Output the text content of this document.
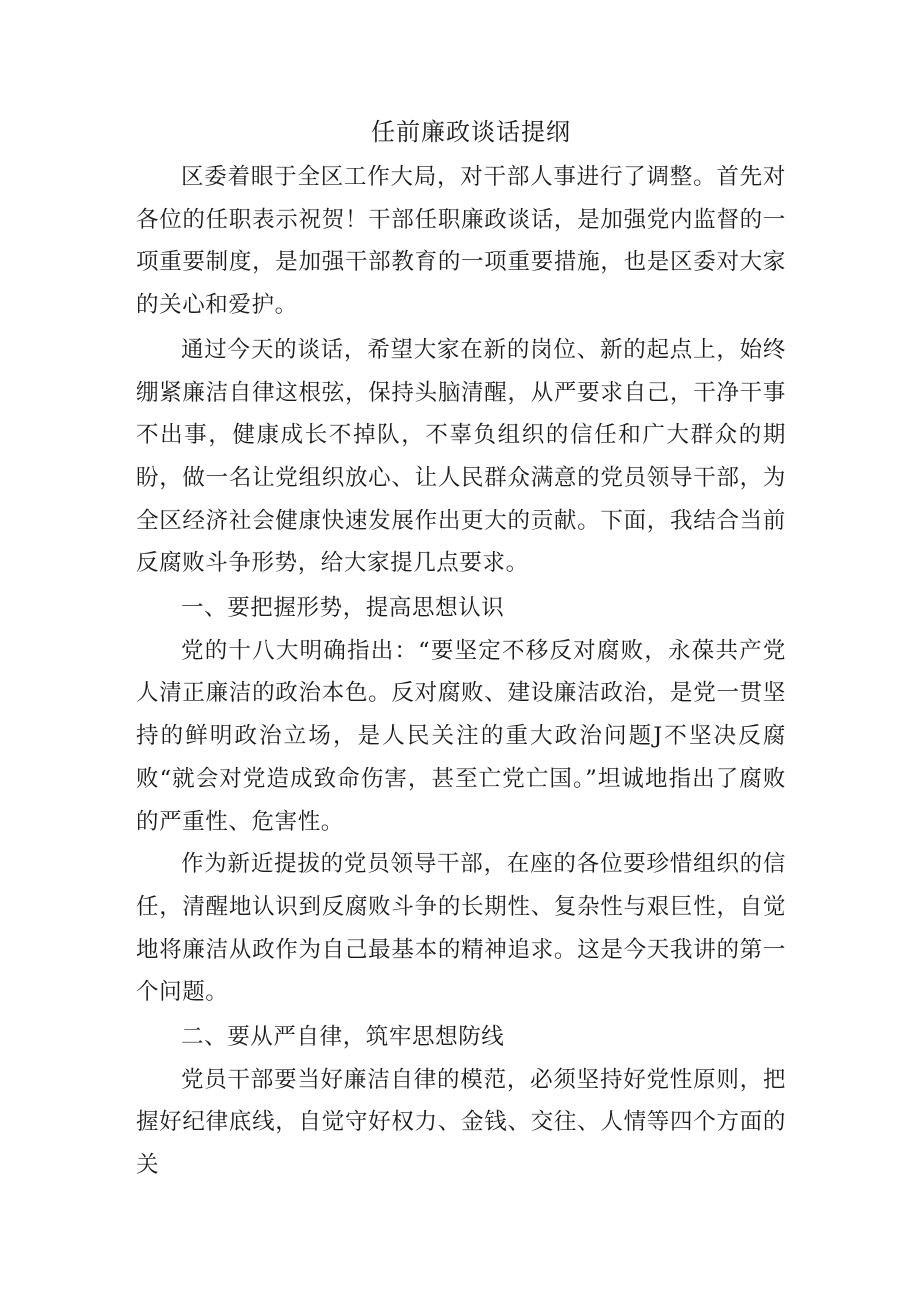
任前廉政谈话提纲

区委着眼于全区工作大局，对干部人事进行了调整。首先对各位的任职表示祝贺！干部任职廉政谈话，是加强党内监督的一项重要制度，是加强干部教育的一项重要措施，也是区委对大家的关心和爱护。

通过今天的谈话，希望大家在新的岗位、新的起点上，始终绷紧廉洁自律这根弦，保持头脑清醒，从严要求自己，干净干事不出事，健康成长不掉队，不辜负组织的信任和广大群众的期盼，做一名让党组织放心、让人民群众满意的党员领导干部，为全区经济社会健康快速发展作出更大的贡献。下面，我结合当前反腐败斗争形势，给大家提几点要求。

一、要把握形势，提高思想认识

党的十八大明确指出：“要坚定不移反对腐败，永葆共产党人清正廉洁的政治本色。反对腐败、建设廉洁政治，是党一贯坚持的鲜明政治立场，是人民关注的重大政治问题J不坚决反腐败“就会对党造成致命伤害，甚至亡党亡国。”坦诚地指出了腐败的严重性、危害性。

作为新近提拔的党员领导干部，在座的各位要珍惜组织的信任，清醒地认识到反腐败斗争的长期性、复杂性与艰巨性，自觉地将廉洁从政作为自己最基本的精神追求。这是今天我讲的第一个问题。

二、要从严自律，筑牢思想防线

党员干部要当好廉洁自律的模范，必须坚持好党性原则，把握好纪律底线，自觉守好权力、金钱、交往、人情等四个方面的关
